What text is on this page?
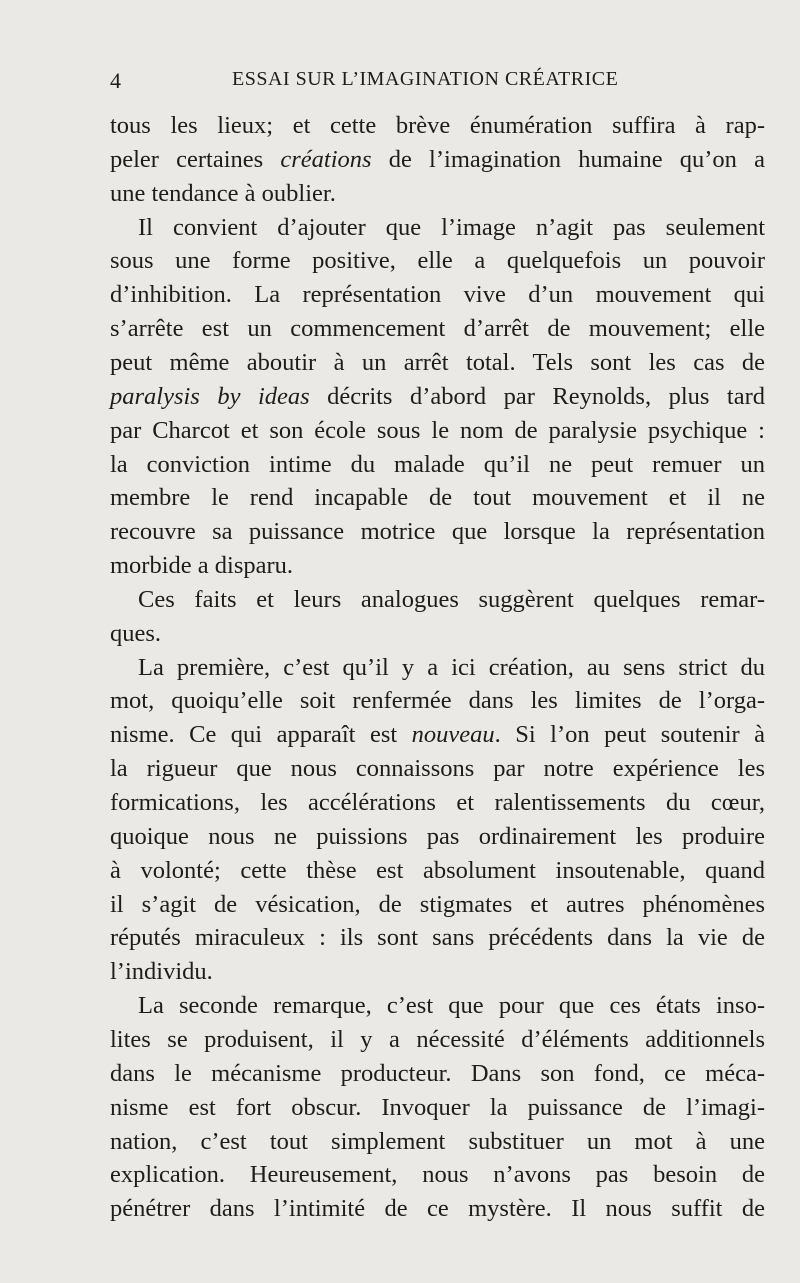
4	ESSAI SUR L’IMAGINATION CRÉATRICE
tous les lieux; et cette brève énumération suffira à rap-
peler certaines créations de l’imagination humaine qu’on a
une tendance à oublier.
Il convient d’ajouter que l’image n’agit pas seulement
sous une forme positive, elle a quelquefois un pouvoir
d’inhibition. La représentation vive d’un mouvement qui
s’arrête est un commencement d’arrêt de mouvement; elle
peut même aboutir à un arrêt total. Tels sont les cas de
paralysis by ideas décrits d’abord par Reynolds, plus tard
par Charcot et son école sous le nom de paralysie psychique :
la conviction intime du malade qu’il ne peut remuer un
membre le rend incapable de tout mouvement et il ne
recouvre sa puissance motrice que lorsque la représentation
morbide a disparu.
Ces faits et leurs analogues suggèrent quelques remar-
ques.
La première, c’est qu’il y a ici création, au sens strict du
mot, quoiqu’elle soit renfermée dans les limites de l’orga-
nisme. Ce qui apparaît est nouveau. Si l’on peut soutenir à
la rigueur que nous connaissons par notre expérience les
formications, les accélérations et ralentissements du cœur,
quoique nous ne puissions pas ordinairement les produire
à volonté; cette thèse est absolument insoutenable, quand
il s’agit de vésication, de stigmates et autres phénomènes
réputés miraculeux : ils sont sans précédents dans la vie de
l’individu.
La seconde remarque, c’est que pour que ces états inso-
lites se produisent, il y a nécessité d’éléments additionnels
dans le mécanisme producteur. Dans son fond, ce méca-
nisme est fort obscur. Invoquer la puissance de l’imagi-
nation, c’est tout simplement substituer un mot à une
explication. Heureusement, nous n’avons pas besoin de
pénétrer dans l’intimité de ce mystère. Il nous suffit de
